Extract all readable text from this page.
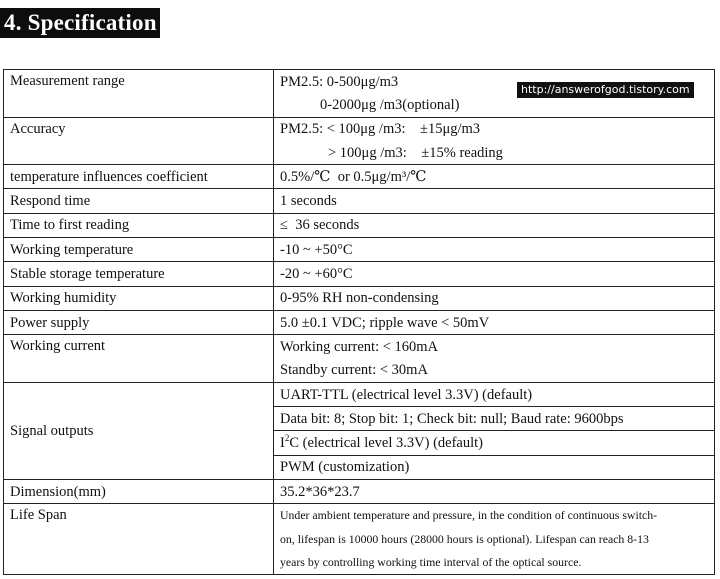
4. Specification
Measurement range	PM2.5: 0-500μg/m3
	0-2000μg /m3(optional)
Accuracy	PM2.5: < 100μg /m3:    ±15μg/m3
	> 100μg /m3:    ±15% reading
temperature influences coefficient	0.5%/℃  or 0.5μg/m³/℃
Respond time	1 seconds
Time to first reading	≤  36 seconds
Working temperature	-10 ~ +50°C
Stable storage temperature	-20 ~ +60°C
Working humidity	0-95% RH non-condensing
Power supply	5.0 ±0.1 VDC; ripple wave < 50mV
Working current	Working current: < 160mA
	Standby current: < 30mA
Signal outputs	UART-TTL (electrical level 3.3V) (default)
	Data bit: 8; Stop bit: 1; Check bit: null; Baud rate: 9600bps
	$I^2C$ (electrical level 3.3V) (default)
	PWM (customization)
Dimension(mm)	35.2*36*23.7
Life Span	Under ambient temperature and pressure, in the condition of continuous switch-
on, lifespan is 10000 hours (28000 hours is optional). Lifespan can reach 8-13
years by controlling working time interval of the optical source.
http://answerofgod.tistory.com
